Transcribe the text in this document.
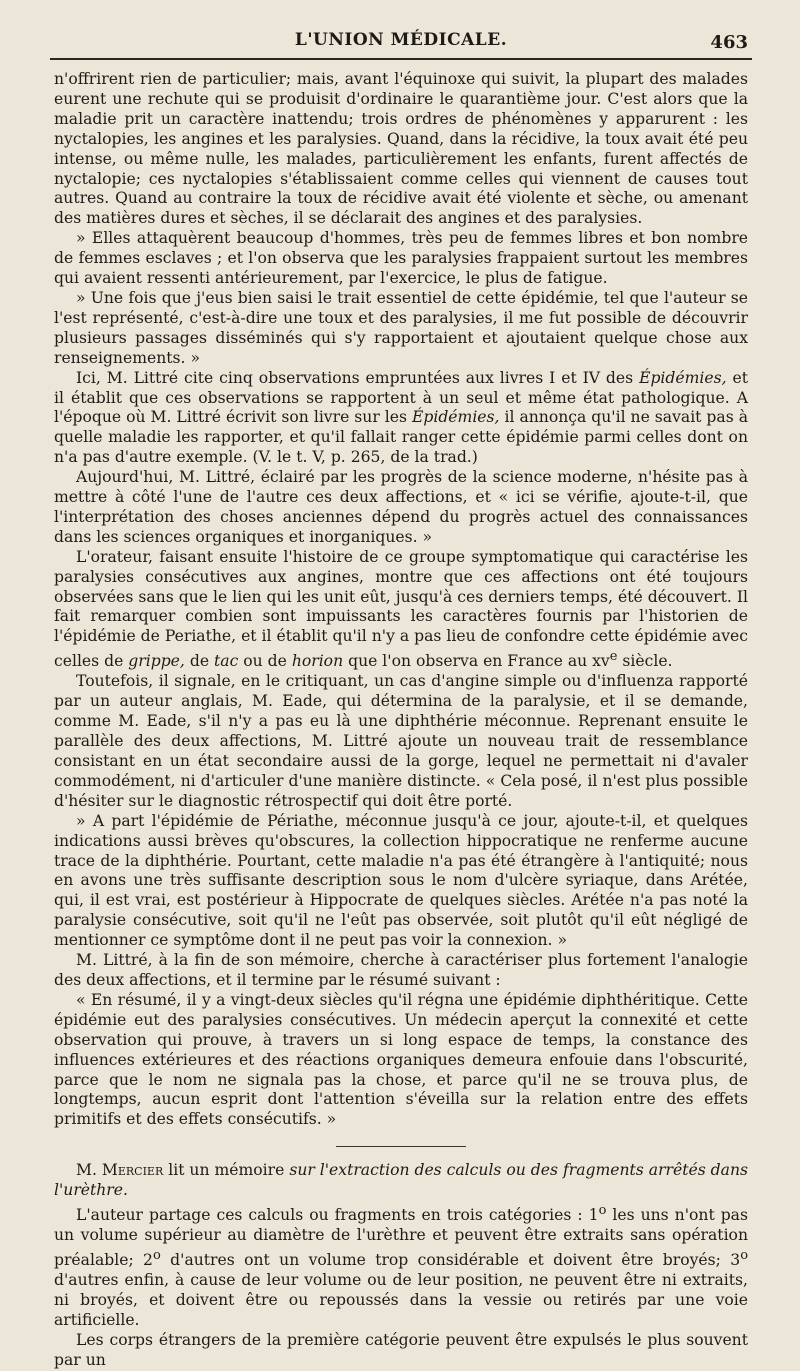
L'UNION MÉDICALE.	463

n'offrirent rien de particulier; mais, avant l'équinoxe qui suivit, la plupart des malades eurent une rechute qui se produisit d'ordinaire le quarantième jour. C'est alors que la maladie prit un caractère inattendu; trois ordres de phénomènes y apparurent : les nyctalopies, les angines et les paralysies. Quand, dans la récidive, la toux avait été peu intense, ou même nulle, les malades, particulièrement les enfants, furent affectés de nyctalopie; ces nyctalopies s'établissaient comme celles qui viennent de causes tout autres. Quand au contraire la toux de récidive avait été violente et sèche, ou amenant des matières dures et sèches, il se déclarait des angines et des paralysies.

» Elles attaquèrent beaucoup d'hommes, très peu de femmes libres et bon nombre de femmes esclaves ; et l'on observa que les paralysies frappaient surtout les membres qui avaient ressenti antérieurement, par l'exercice, le plus de fatigue.

» Une fois que j'eus bien saisi le trait essentiel de cette épidémie, tel que l'auteur se l'est représenté, c'est-à-dire une toux et des paralysies, il me fut possible de découvrir plusieurs passages disséminés qui s'y rapportaient et ajoutaient quelque chose aux renseignements. »

Ici, M. Littré cite cinq observations empruntées aux livres I et IV des Épidémies, et il établit que ces observations se rapportent à un seul et même état pathologique. A l'époque où M. Littré écrivit son livre sur les Épidémies, il annonça qu'il ne savait pas à quelle maladie les rapporter, et qu'il fallait ranger cette épidémie parmi celles dont on n'a pas d'autre exemple. (V. le t. V, p. 265, de la trad.)

Aujourd'hui, M. Littré, éclairé par les progrès de la science moderne, n'hésite pas à mettre à côté l'une de l'autre ces deux affections, et « ici se vérifie, ajoute-t-il, que l'interprétation des choses anciennes dépend du progrès actuel des connaissances dans les sciences organiques et inorganiques. »

L'orateur, faisant ensuite l'histoire de ce groupe symptomatique qui caractérise les paralysies consécutives aux angines, montre que ces affections ont été toujours observées sans que le lien qui les unit eût, jusqu'à ces derniers temps, été découvert. Il fait remarquer combien sont impuissants les caractères fournis par l'historien de l'épidémie de Periathe, et il établit qu'il n'y a pas lieu de confondre cette épidémie avec celles de grippe, de tac ou de horion que l'on observa en France au $xv^e$ siècle.

Toutefois, il signale, en le critiquant, un cas d'angine simple ou d'influenza rapporté par un auteur anglais, M. Eade, qui détermina de la paralysie, et il se demande, comme M. Eade, s'il n'y a pas eu là une diphthérie méconnue. Reprenant ensuite le parallèle des deux affections, M. Littré ajoute un nouveau trait de ressemblance consistant en un état secondaire aussi de la gorge, lequel ne permettait ni d'avaler commodément, ni d'articuler d'une manière distincte. « Cela posé, il n'est plus possible d'hésiter sur le diagnostic rétrospectif qui doit être porté.

» A part l'épidémie de Périathe, méconnue jusqu'à ce jour, ajoute-t-il, et quelques indications aussi brèves qu'obscures, la collection hippocratique ne renferme aucune trace de la diphthérie. Pourtant, cette maladie n'a pas été étrangère à l'antiquité; nous en avons une très suffisante description sous le nom d'ulcère syriaque, dans Arétée, qui, il est vrai, est postérieur à Hippocrate de quelques siècles. Arétée n'a pas noté la paralysie consécutive, soit qu'il ne l'eût pas observée, soit plutôt qu'il eût négligé de mentionner ce symptôme dont il ne peut pas voir la connexion. »

M. Littré, à la fin de son mémoire, cherche à caractériser plus fortement l'analogie des deux affections, et il termine par le résumé suivant :

« En résumé, il y a vingt-deux siècles qu'il régna une épidémie diphthéritique. Cette épidémie eut des paralysies consécutives. Un médecin aperçut la connexité et cette observation qui prouve, à travers un si long espace de temps, la constance des influences extérieures et des réactions organiques demeura enfouie dans l'obscurité, parce que le nom ne signala pas la chose, et parce qu'il ne se trouva plus, de longtemps, aucun esprit dont l'attention s'éveilla sur la relation entre des effets primitifs et des effets consécutifs. »

M. Mercier lit un mémoire sur l'extraction des calculs ou des fragments arrêtés dans l'urèthre.

L'auteur partage ces calculs ou fragments en trois catégories : 1$^o$ les uns n'ont pas un volume supérieur au diamètre de l'urèthre et peuvent être extraits sans opération préalable; 2$^o$ d'autres ont un volume trop considérable et doivent être broyés; 3$^o$ d'autres enfin, à cause de leur volume ou de leur position, ne peuvent être ni extraits, ni broyés, et doivent être ou repoussés dans la vessie ou retirés par une voie artificielle.

Les corps étrangers de la première catégorie peuvent être expulsés le plus souvent par un
